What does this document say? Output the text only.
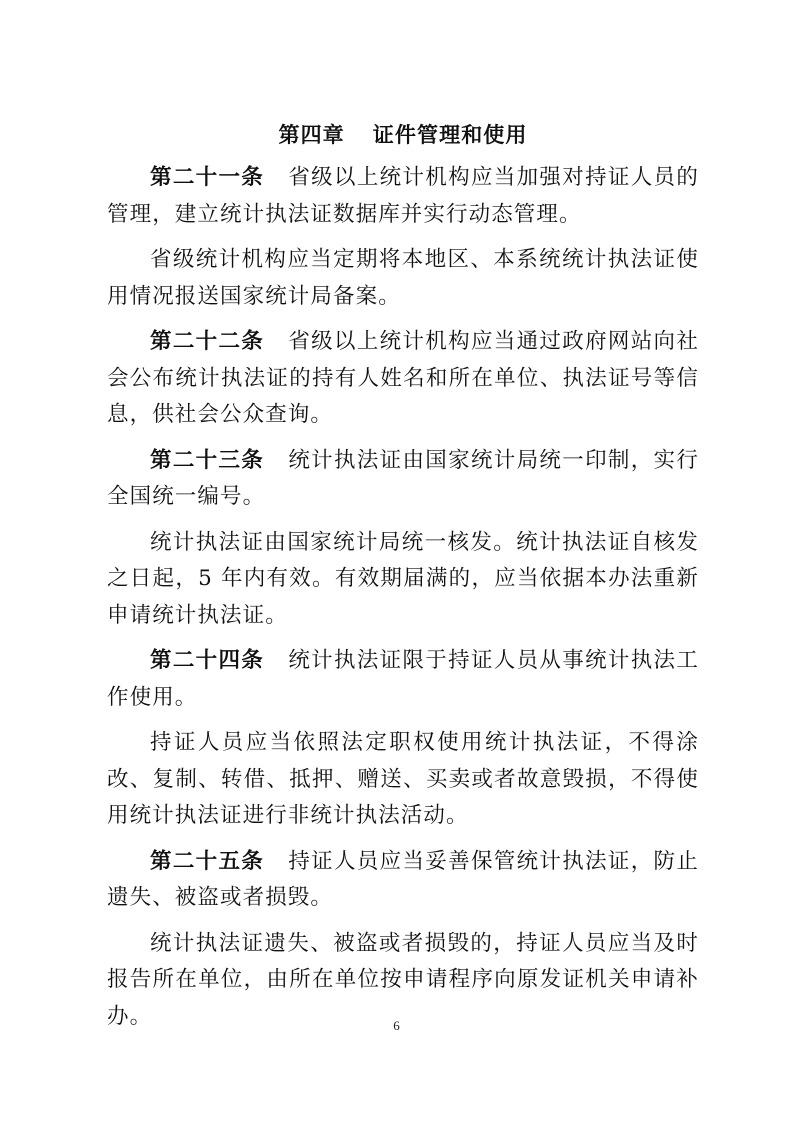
第四章 证件管理和使用

第二十一条 省级以上统计机构应当加强对持证人员的管理，建立统计执法证数据库并实行动态管理。

省级统计机构应当定期将本地区、本系统统计执法证使用情况报送国家统计局备案。

第二十二条 省级以上统计机构应当通过政府网站向社会公布统计执法证的持有人姓名和所在单位、执法证号等信息，供社会公众查询。

第二十三条 统计执法证由国家统计局统一印制，实行全国统一编号。

统计执法证由国家统计局统一核发。统计执法证自核发之日起，5 年内有效。有效期届满的，应当依据本办法重新申请统计执法证。

第二十四条 统计执法证限于持证人员从事统计执法工作使用。

持证人员应当依照法定职权使用统计执法证，不得涂改、复制、转借、抵押、赠送、买卖或者故意毁损，不得使用统计执法证进行非统计执法活动。

第二十五条 持证人员应当妥善保管统计执法证，防止遗失、被盗或者损毁。

统计执法证遗失、被盗或者损毁的，持证人员应当及时报告所在单位，由所在单位按申请程序向原发证机关申请补办。	6
